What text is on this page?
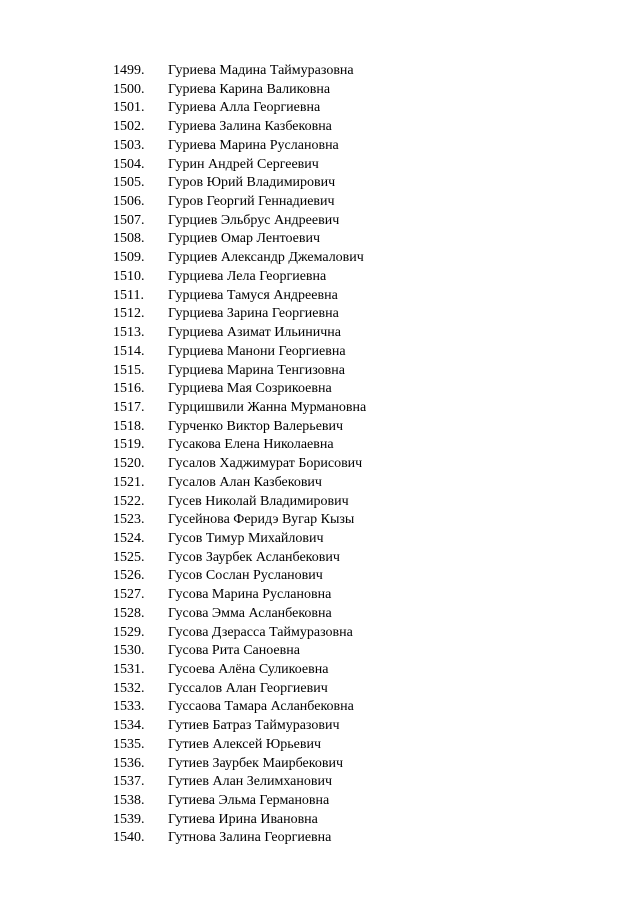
1499.	Гуриева Мадина Таймуразовна
1500.	Гуриева Карина Валиковна
1501.	Гуриева Алла Георгиевна
1502.	Гуриева Залина Казбековна
1503.	Гуриева Марина Руслановна
1504.	Гурин Андрей Сергеевич
1505.	Гуров Юрий Владимирович
1506.	Гуров Георгий Геннадиевич
1507.	Гурциев Эльбрус Андреевич
1508.	Гурциев Омар Лентоевич
1509.	Гурциев Александр Джемалович
1510.	Гурциева Лела Георгиевна
1511.	Гурциева Тамуся Андреевна
1512.	Гурциева Зарина Георгиевна
1513.	Гурциева Азимат Ильинична
1514.	Гурциева Манони Георгиевна
1515.	Гурциева Марина Тенгизовна
1516.	Гурциева Мая Созрикоевна
1517.	Гурцишвили Жанна Мурмановна
1518.	Гурченко Виктор Валерьевич
1519.	Гусакова Елена Николаевна
1520.	Гусалов Хаджимурат Борисович
1521.	Гусалов Алан Казбекович
1522.	Гусев Николай Владимирович
1523.	Гусейнова Феридэ Вугар Кызы
1524.	Гусов Тимур Михайлович
1525.	Гусов Заурбек Асланбекович
1526.	Гусов Сослан Русланович
1527.	Гусова Марина Руслановна
1528.	Гусова Эмма Асланбековна
1529.	Гусова Дзерасса Таймуразовна
1530.	Гусова Рита Саноевна
1531.	Гусоева Алёна Суликоевна
1532.	Гуссалов Алан Георгиевич
1533.	Гуссаова Тамара Асланбековна
1534.	Гутиев Батраз Таймуразович
1535.	Гутиев Алексей Юрьевич
1536.	Гутиев Заурбек Маирбекович
1537.	Гутиев Алан Зелимханович
1538.	Гутиева Эльма Германовна
1539.	Гутиева Ирина Ивановна
1540.	Гутнова Залина Георгиевна
